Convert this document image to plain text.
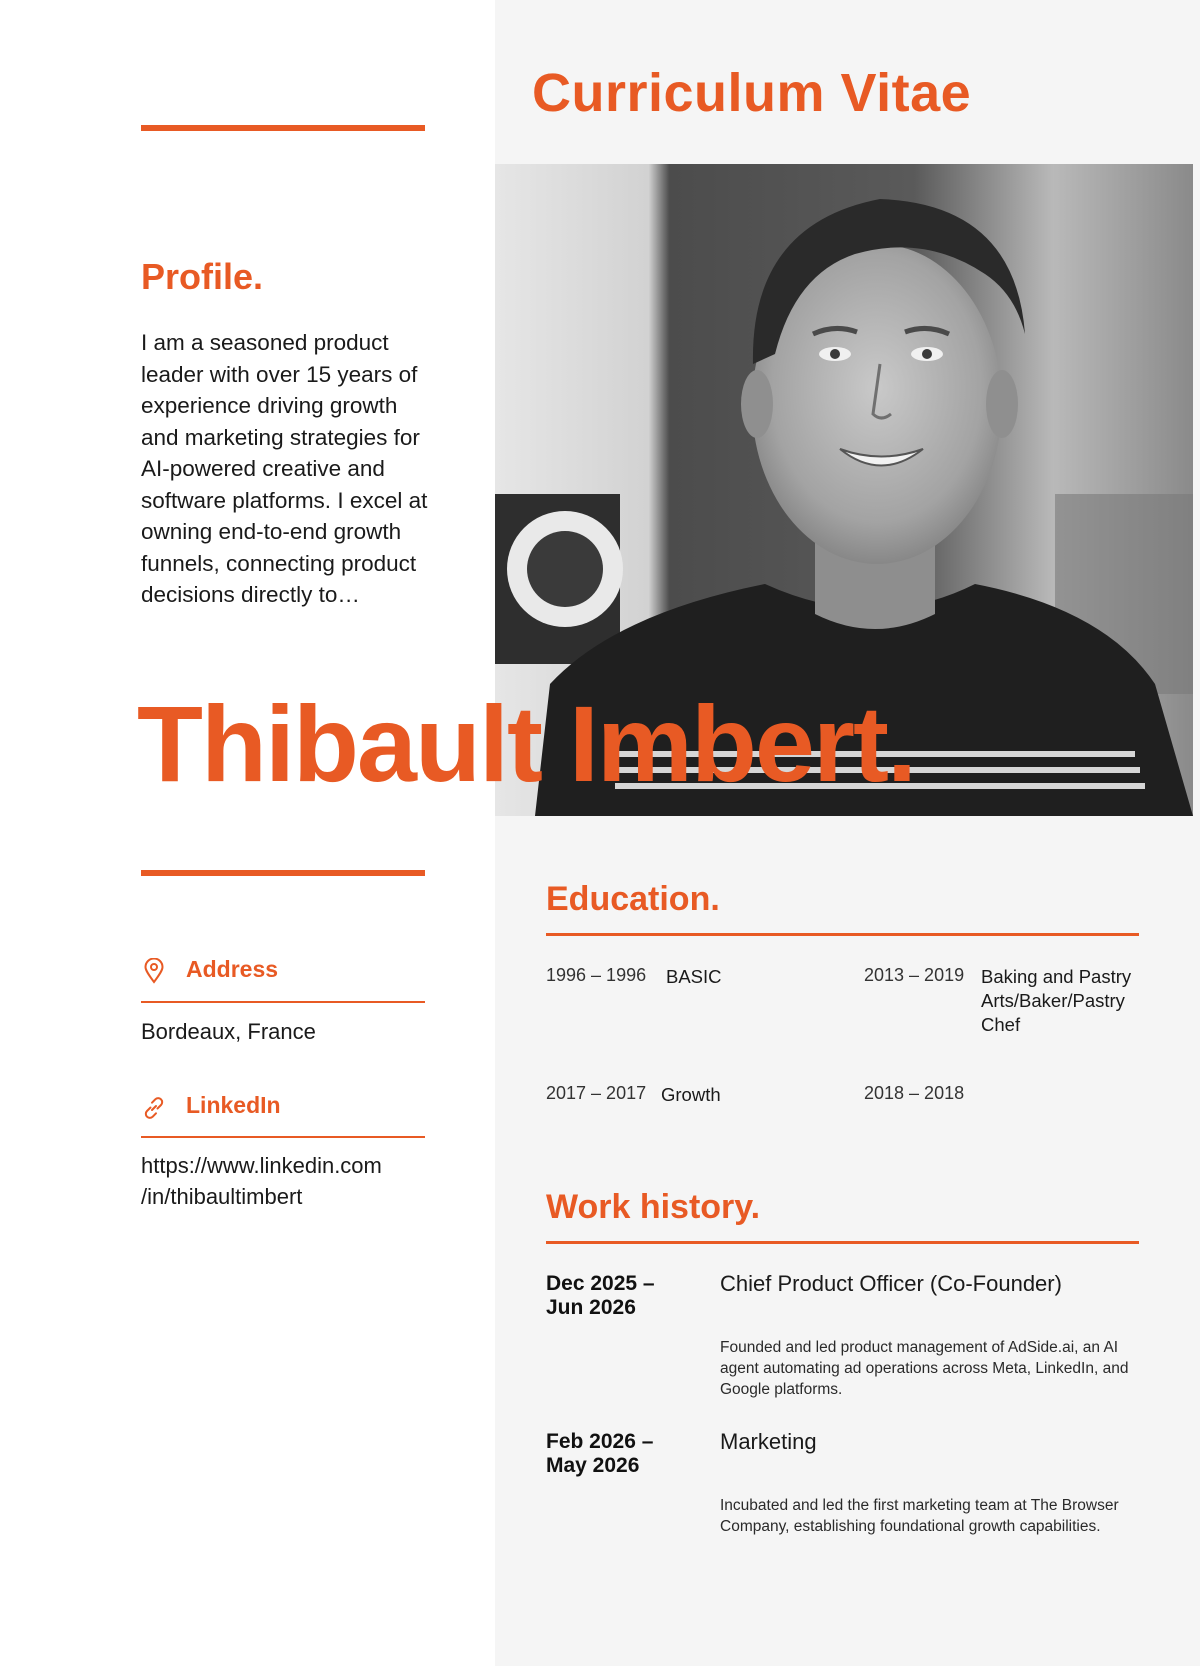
Curriculum Vitae
Profile.
I am a seasoned product leader with over 15 years of experience driving growth and marketing strategies for AI-powered creative and software platforms. I excel at owning end-to-end growth funnels, connecting product decisions directly to…
Thibault Imbert.
Address
Bordeaux, France
LinkedIn
https://www.linkedin.com
/in/thibaultimbert
Education.
1996 – 1996 BASIC	2013 – 2019 Baking and Pastry Arts/Baker/Pastry Chef
2017 – 2017 Growth	2018 – 2018
Work history.
Dec 2025 –
Jun 2026
Chief Product Officer (Co-Founder)
Founded and led product management of AdSide.ai, an AI agent automating ad operations across Meta, LinkedIn, and Google platforms.
Feb 2026 –
May 2026
Marketing
Incubated and led the first marketing team at The Browser Company, establishing foundational growth capabilities.
